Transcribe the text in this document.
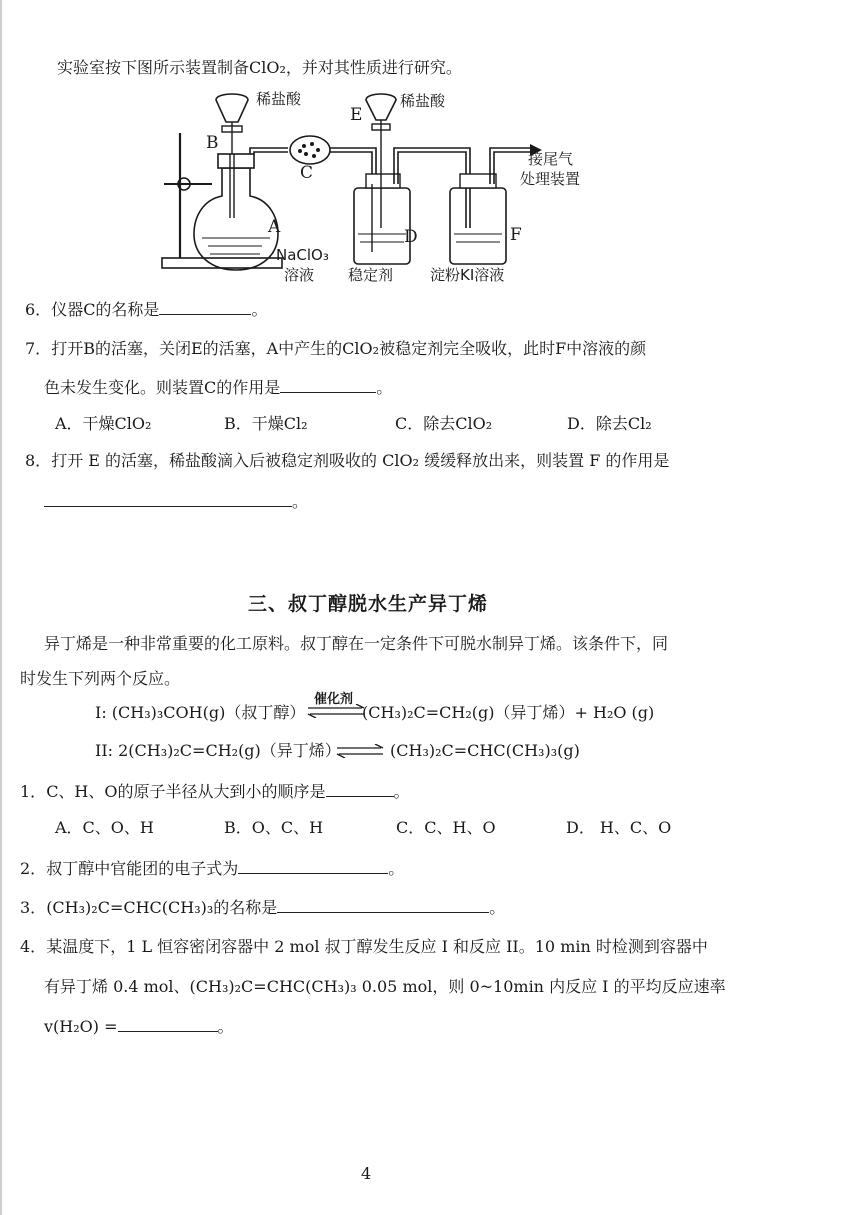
实验室按下图所示装置制备ClO₂，并对其性质进行研究。
稀盐酸
B
A
C
E
稀盐酸
D	F
接尾气
处理装置
NaClO₃
溶液 稳定剂 淀粉KI溶液
6．仪器C的名称是	。
7．打开B的活塞，关闭E的活塞，A中产生的ClO₂被稳定剂完全吸收，此时F中溶液的颜
色未发生变化。则装置C的作用是	。
A．干燥ClO₂	B．干燥Cl₂	C．除去ClO₂	D．除去Cl₂
8．打开 E 的活塞，稀盐酸滴入后被稳定剂吸收的 ClO₂ 缓缓释放出来，则装置 F 的作用是
。
三、叔丁醇脱水生产异丁烯
异丁烯是一种非常重要的化工原料。叔丁醇在一定条件下可脱水制异丁烯。该条件下，同
时发生下列两个反应。
I: (CH₃)₃COH(g)（叔丁醇）
催化剂
(CH₃)₂C=CH₂(g)（异丁烯）+ H₂O (g)
II: 2(CH₃)₂C=CH₂(g)（异丁烯） ⇌ (CH₃)₂C=CHC(CH₃)₃(g)
1．C、H、O的原子半径从大到小的顺序是	。
A．C、O、H	B．O、C、H	C．C、H、O	D． H、C、O
2．叔丁醇中官能团的电子式为	。
3．(CH₃)₂C=CHC(CH₃)₃的名称是	。
4．某温度下，1 L 恒容密闭容器中 2 mol 叔丁醇发生反应 I 和反应 II。10 min 时检测到容器中
有异丁烯 0.4 mol、(CH₃)₂C=CHC(CH₃)₃ 0.05 mol，则 0~10min 内反应 I 的平均反应速率
v(H₂O) =	。
4
